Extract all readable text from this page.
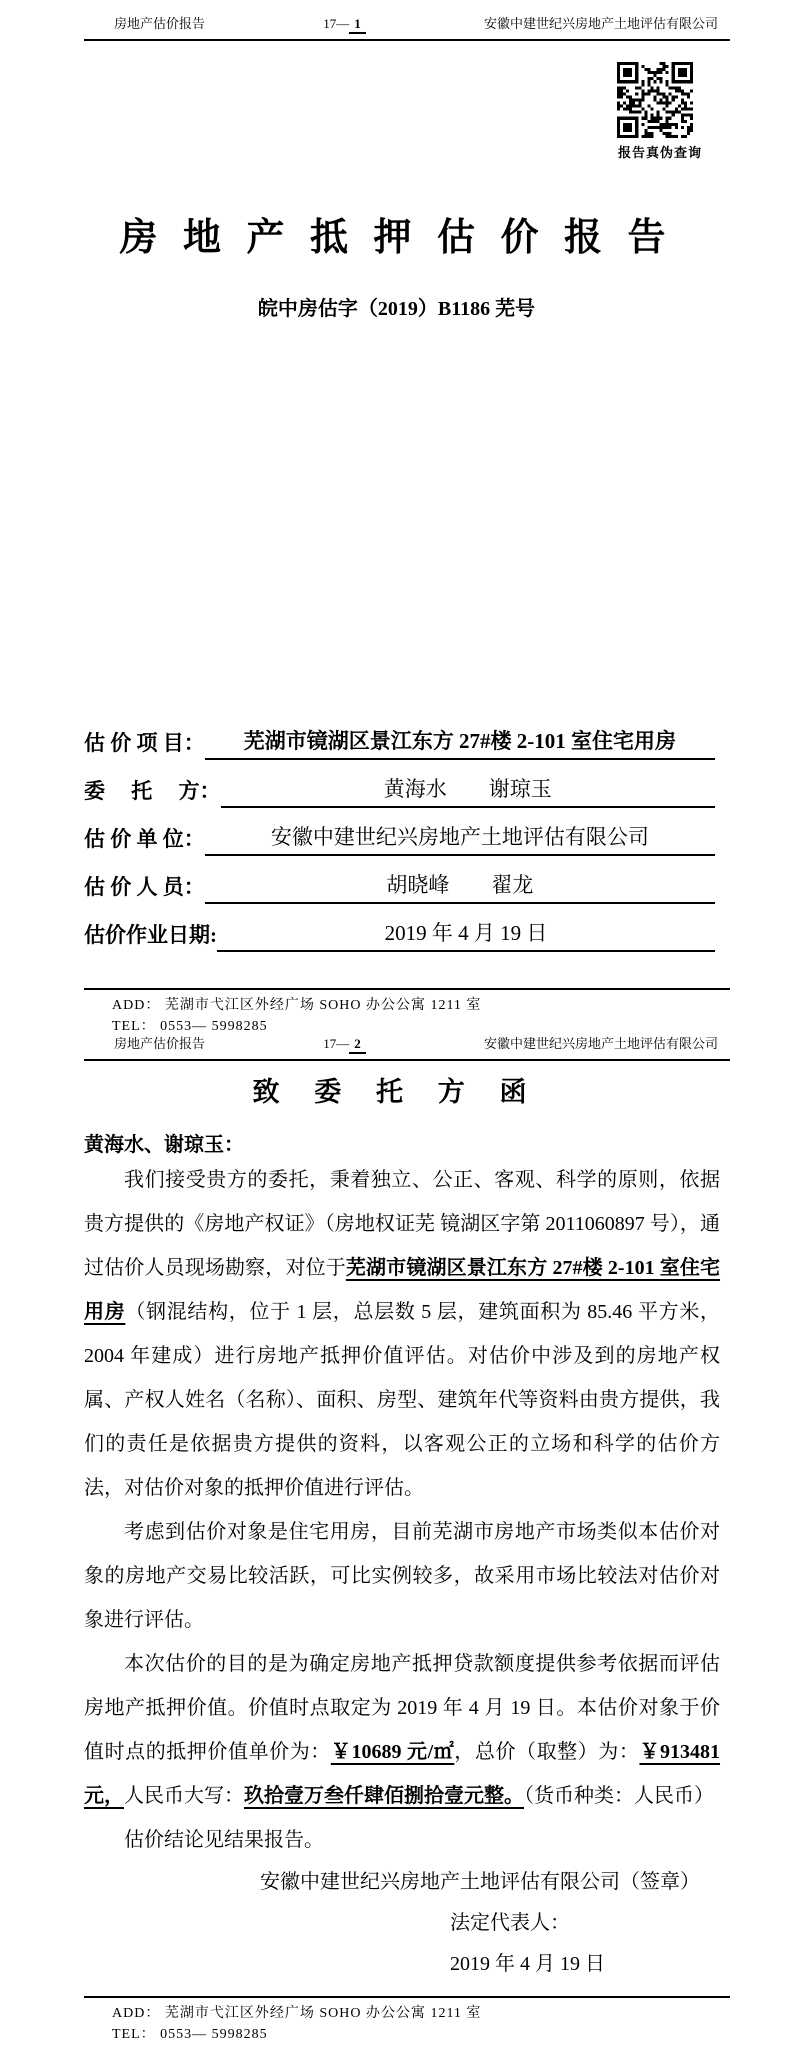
房地产估价报告	17— 1	安徽中建世纪兴房地产土地评估有限公司
报告真伪查询
房 地 产 抵 押 估 价 报 告
皖中房估字（2019）B1186 芜号
估 价 项 目：	芜湖市镜湖区景江东方 27#楼 2-101 室住宅用房
委　 托　 方：	黄海水　　谢琼玉
估 价 单 位：	安徽中建世纪兴房地产土地评估有限公司
估 价 人 员：	胡晓峰　　翟龙
估价作业日期:	2019 年 4 月 19 日
ADD： 芜湖市弋江区外经广场 SOHO 办公公寓 1211 室
TEL： 0553— 5998285
房地产估价报告	17— 2	安徽中建世纪兴房地产土地评估有限公司
致 委 托 方 函
黄海水、谢琼玉：

我们接受贵方的委托，秉着独立、公正、客观、科学的原则，依据贵方提供的《房地产权证》（房地权证芜 镜湖区字第 2011060897 号），通过估价人员现场勘察，对位于芜湖市镜湖区景江东方 27#楼 2-101 室住宅用房（钢混结构，位于 1 层，总层数 5 层，建筑面积为 85.46 平方米，2004 年建成）进行房地产抵押价值评估。对估价中涉及到的房地产权属、产权人姓名（名称）、面积、房型、建筑年代等资料由贵方提供，我们的责任是依据贵方提供的资料，以客观公正的立场和科学的估价方法，对估价对象的抵押价值进行评估。

考虑到估价对象是住宅用房，目前芜湖市房地产市场类似本估价对象的房地产交易比较活跃，可比实例较多，故采用市场比较法对估价对象进行评估。

本次估价的目的是为确定房地产抵押贷款额度提供参考依据而评估房地产抵押价值。价值时点取定为 2019 年 4 月 19 日。本估价对象于价值时点的抵押价值单价为：￥10689 元/㎡，总价（取整）为：￥913481 元，人民币大写：玖拾壹万叁仟肆佰捌拾壹元整。（货币种类：人民币）

估价结论见结果报告。

安徽中建世纪兴房地产土地评估有限公司（签章）
法定代表人：
2019 年 4 月 19 日
ADD： 芜湖市弋江区外经广场 SOHO 办公公寓 1211 室
TEL： 0553— 5998285
